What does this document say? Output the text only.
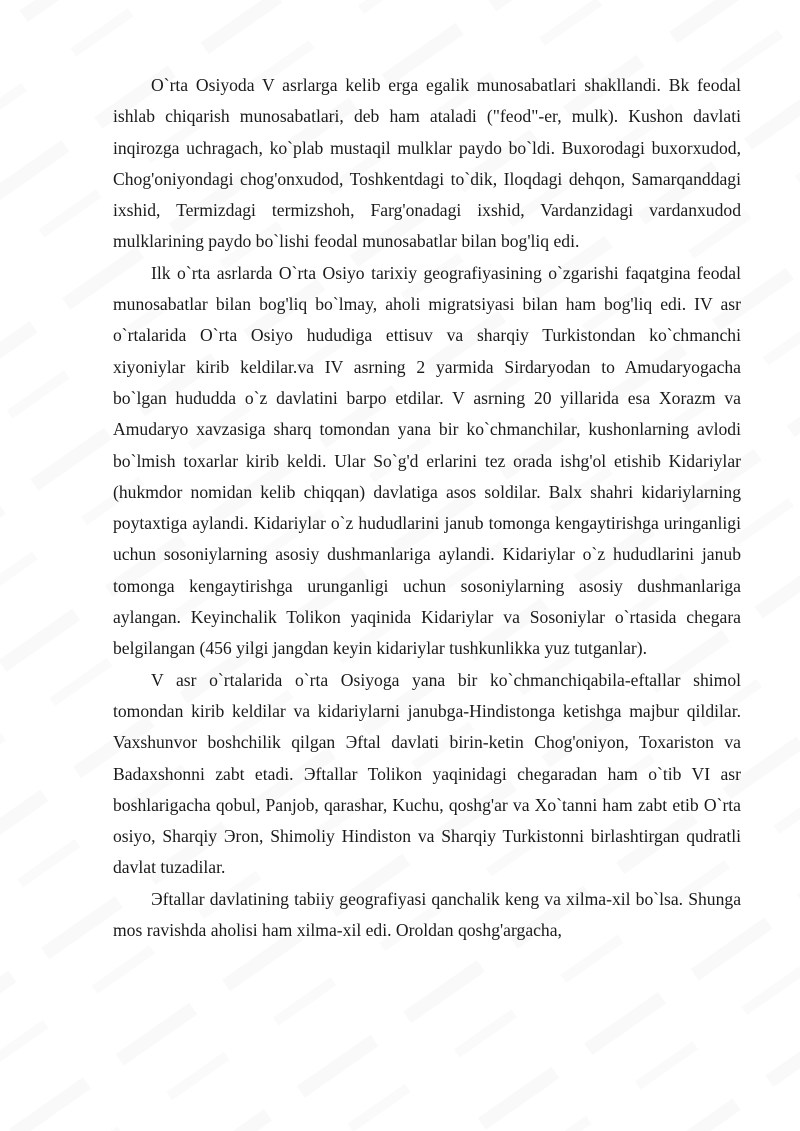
O`rta Osiyoda V asrlarga kelib erga egalik munosabatlari shakllandi. Bk feodal ishlab chiqarish munosabatlari, deb ham ataladi ("feod"-er, mulk). Kushon davlati inqirozga uchragach, ko`plab mustaqil mulklar paydo bo`ldi. Buxorodagi buxorxudod, Chog'oniyondagi chog'onxudod, Toshkentdagi to`dik, Iloqdagi dehqon, Samarqanddagi ixshid, Termizdagi termizshoh, Farg'onadagi ixshid, Vardanzidagi vardanxudod mulklarining paydo bo`lishi feodal munosabatlar bilan bog'liq edi.

Ilk o`rta asrlarda O`rta Osiyo tarixiy geografiyasining o`zgarishi faqatgina feodal munosabatlar bilan bog'liq bo`lmay, aholi migratsiyasi bilan ham bog'liq edi. IV asr o`rtalarida O`rta Osiyo hududiga ettisuv va sharqiy Turkistondan ko`chmanchi xiyoniylar kirib keldilar.va IV asrning 2 yarmida Sirdaryodan to Amudaryogacha bo`lgan hududda o`z davlatini barpo etdilar. V asrning 20 yillarida esa Xorazm va Amudaryo xavzasiga sharq tomondan yana bir ko`chmanchilar, kushonlarning avlodi bo`lmish toxarlar kirib keldi. Ular So`g'd erlarini tez orada ishg'ol etishib Kidariylar (hukmdor nomidan kelib chiqqan) davlatiga asos soldilar. Balx shahri kidariylarning poytaxtiga aylandi. Kidariylar o`z hududlarini janub tomonga kengaytirishga uringanligi uchun sosoniylarning asosiy dushmanlariga aylandi. Kidariylar o`z hududlarini janub tomonga kengaytirishga urunganligi uchun sosoniylarning asosiy dushmanlariga aylangan. Keyinchalik Tolikon yaqinida Kidariylar va Sosoniylar o`rtasida chegara belgilangan (456 yilgi jangdan keyin kidariylar tushkunlikka yuz tutganlar).

V asr o`rtalarida o`rta Osiyoga yana bir ko`chmanchiqabila-eftallar shimol tomondan kirib keldilar va kidariylarni janubga-Hindistonga ketishga majbur qildilar. Vaxshunvor boshchilik qilgan Эftal davlati birin-ketin Chog'oniyon, Toxariston va Badaxshonni zabt etadi. Эftallar Tolikon yaqinidagi chegaradan ham o`tib VI asr boshlarigacha qobul, Panjob, qarashar, Kuchu, qoshg'ar va Xo`tanni ham zabt etib O`rta osiyo, Sharqiy Эron, Shimoliy Hindiston va Sharqiy Turkistonni birlashtirgan qudratli davlat tuzadilar.

Эftallar davlatining tabiiy geografiyasi qanchalik keng va xilma-xil bo`lsa. Shunga mos ravishda aholisi ham xilma-xil edi. Oroldan qoshg'argacha,
